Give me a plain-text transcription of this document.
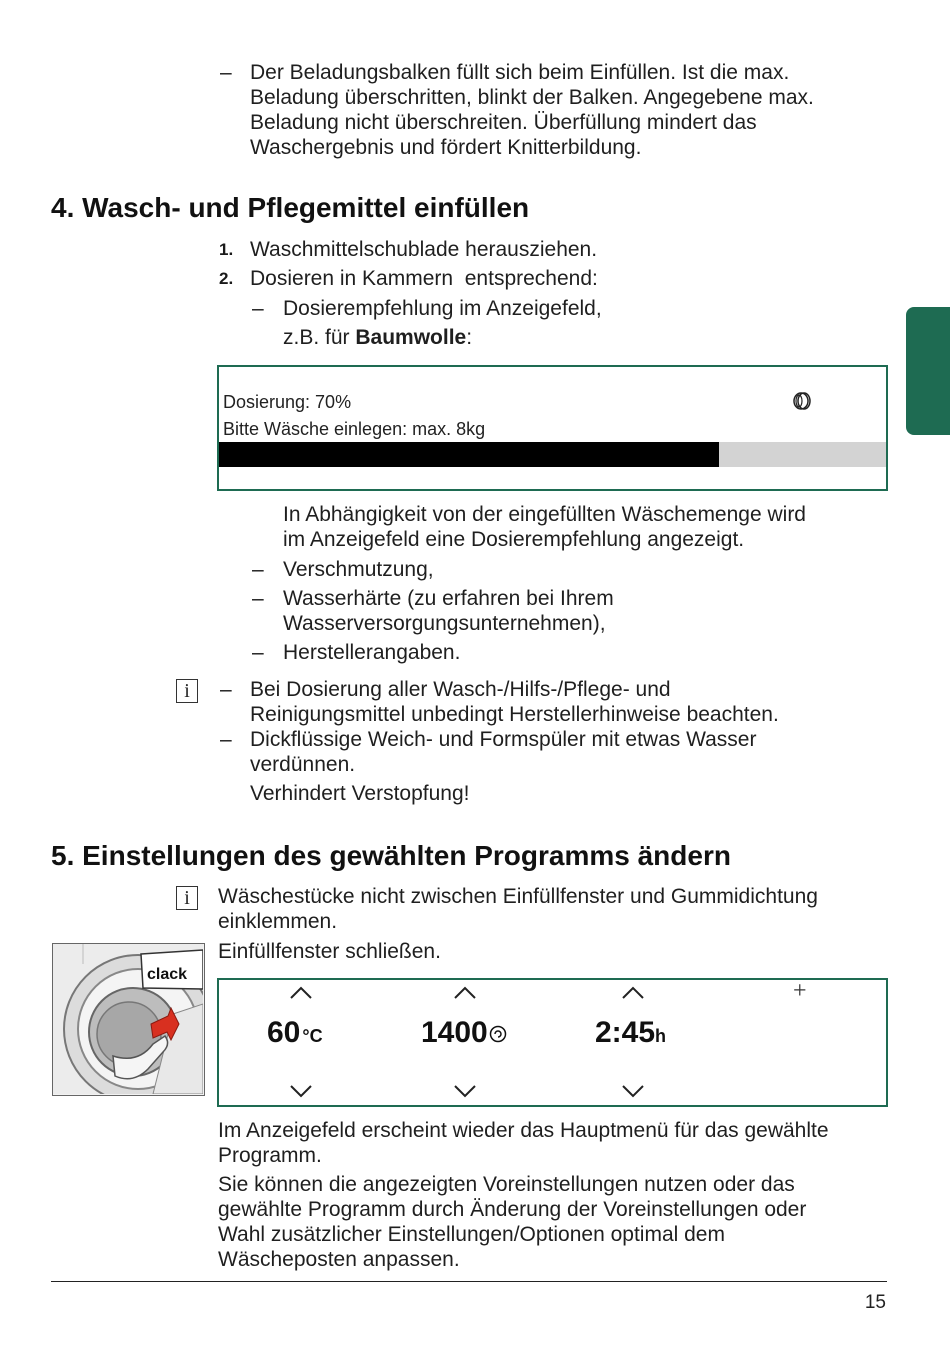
– Der Beladungsbalken füllt sich beim Einfüllen. Ist die max.
Beladung überschritten, blinkt der Balken. Angegebene max.
Beladung nicht überschreiten. Überfüllung mindert das
Waschergebnis und fördert Knitterbildung.
4. Wasch- und Pflegemittel einfüllen
1. Waschmittelschublade herausziehen.
2. Dosieren in Kammern  entsprechend:
– Dosierempfehlung im Anzeigefeld,
z.B. für Baumwolle:
Dosierung: 70%
Bitte Wäsche einlegen: max. 8kg
In Abhängigkeit von der eingefüllten Wäschemenge wird
im Anzeigefeld eine Dosierempfehlung angezeigt.
– Verschmutzung,
– Wasserhärte (zu erfahren bei Ihrem
Wasserversorgungsunternehmen),
– Herstellerangaben.
i	– Bei Dosierung aller Wasch-/Hilfs-/Pflege- und
Reinigungsmittel unbedingt Herstellerhinweise beachten.
– Dickflüssige Weich- und Formspüler mit etwas Wasser
verdünnen.
Verhindert Verstopfung!
5. Einstellungen des gewählten Programms ändern
i	Wäschestücke nicht zwischen Einfüllfenster und Gummidichtung
einklemmen.
Einfüllfenster schließen.
clack
+
60 °C	1400	2:45h
Im Anzeigefeld erscheint wieder das Hauptmenü für das gewählte
Programm.
Sie können die angezeigten Voreinstellungen nutzen oder das
gewählte Programm durch Änderung der Voreinstellungen oder
Wahl zusätzlicher Einstellungen/Optionen optimal dem
Wäscheposten anpassen.
15
